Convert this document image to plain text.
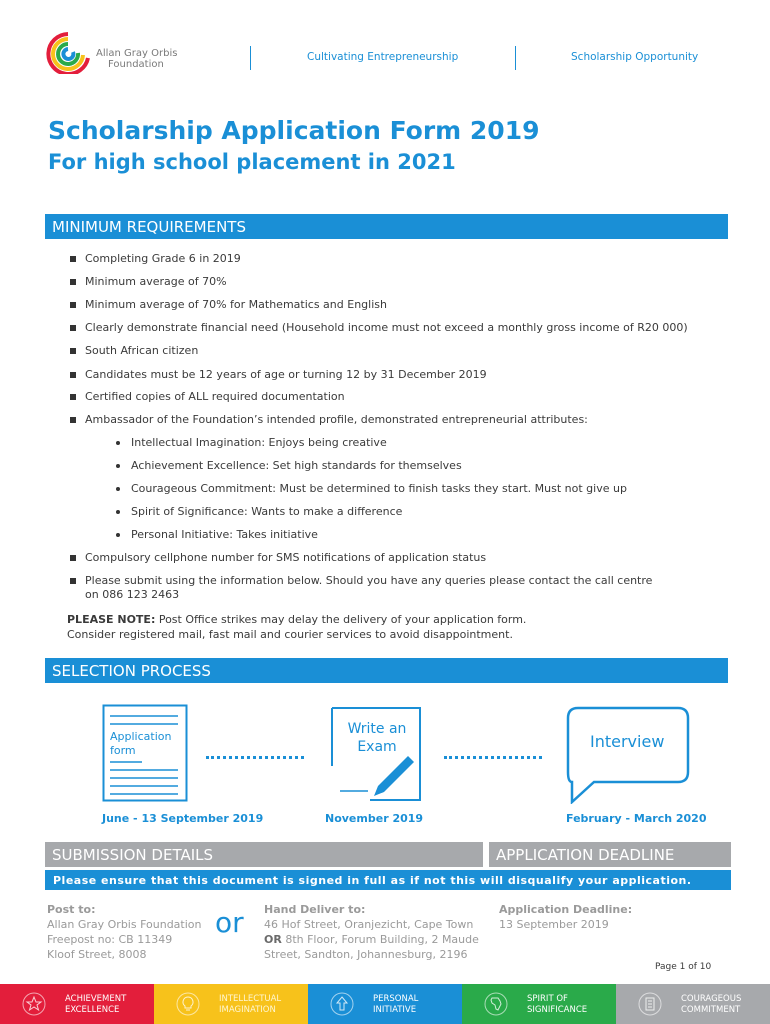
Allan Gray Orbis
Foundation
Cultivating Entrepreneurship	Scholarship Opportunity
Scholarship Application Form 2019
For high school placement in 2021
MINIMUM REQUIREMENTS
Completing Grade 6 in 2019
Minimum average of 70%
Minimum average of 70% for Mathematics and English
Clearly demonstrate financial need (Household income must not exceed a monthly gross income of R20 000)
South African citizen
Candidates must be 12 years of age or turning 12 by 31 December 2019
Certified copies of ALL required documentation
Ambassador of the Foundation’s intended profile, demonstrated entrepreneurial attributes:
Intellectual Imagination: Enjoys being creative
Achievement Excellence: Set high standards for themselves
Courageous Commitment: Must be determined to finish tasks they start. Must not give up
Spirit of Significance: Wants to make a difference
Personal Initiative: Takes initiative
Compulsory cellphone number for SMS notifications of application status
Please submit using the information below. Should you have any queries please contact the call centre
on 086 123 2463
PLEASE NOTE: Post Office strikes may delay the delivery of your application form.
Consider registered mail, fast mail and courier services to avoid disappointment.
SELECTION PROCESS
Application
form
Write an
Exam	Interview
June - 13 September 2019	November 2019	February - March 2020
SUBMISSION DETAILS	APPLICATION DEADLINE
Please ensure that this document is signed in full as if not this will disqualify your application.
Post to:
Allan Gray Orbis Foundation
Freepost no: CB 11349
Kloof Street, 8008
or Hand Deliver to:
46 Hof Street, Oranjezicht, Cape Town
OR 8th Floor, Forum Building, 2 Maude
Street, Sandton, Johannesburg, 2196
Application Deadline:
13 September 2019
Page 1 of 10
ACHIEVEMENT
EXCELLENCE
INTELLECTUAL
IMAGINATION
PERSONAL
INITIATIVE
SPIRIT OF
SIGNIFICANCE
COURAGEOUS
COMMITMENT
